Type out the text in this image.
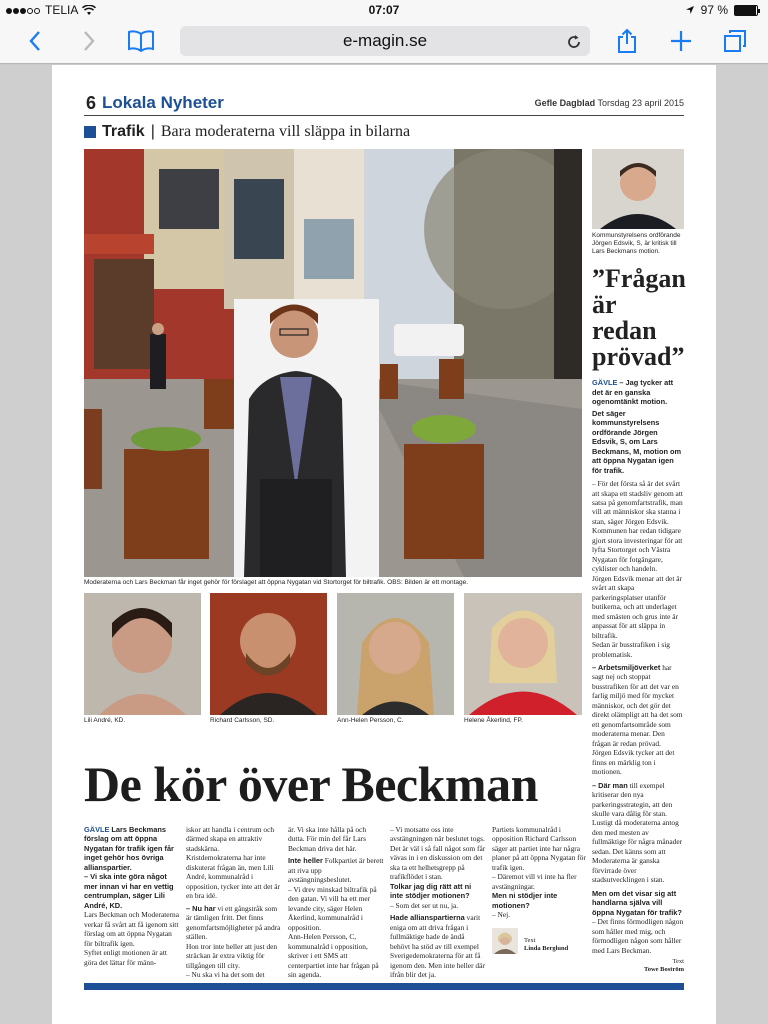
TELIA	07:07	97 %
e-magin.se
6 Lokala Nyheter	Gefle Dagblad Torsdag 23 april 2015
Trafik | Bara moderaterna vill släppa in bilarna
Moderaterna och Lars Beckman får inget gehör för förslaget att öppna Nygatan vid Stortorget för biltrafik. OBS: Bilden är ett montage.
Lili André, KD.	Richard Carlsson, SD.	Ann-Helen Persson, C.	Helene Åkerlind, FP.
Kommunstyrelsens ordförande Jörgen Edsvik, S, är kritisk till Lars Beckmans motion.
”Frågan är redan prövad”

GÄVLE – Jag tycker att det är en ganska ogenomtänkt motion.

Det säger kommunstyrelsens ordförande Jörgen Edsvik, S, om Lars Beckmans, M, motion om att öppna Nygatan igen för trafik.

– För det första så är det svårt att skapa ett stadsliv genom att satsa på genomfartstrafik, man vill att människor ska stanna i stan, säger Jörgen Edsvik.

Kommunen har redan tidigare gjort stora investeringar för att lyfta Stortorget och Västra Nygatan för fotgängare, cyklister och handeln.

Jörgen Edsvik menar att det är svårt att skapa parkeringsplatser utanför butikerna, och att underlaget med smästen och grus inte är anpassat för att släppa in biltrafik.

Sedan är busstrafiken i sig problematisk.

– Arbetsmiljöverket har sagt nej och stoppat busstrafiken för att det var en farlig miljö med för mycket människor, och det gör det direkt olämpligt att ha det som ett genomfartsområde som moderaterna menar. Den frågan är redan prövad.

Jörgen Edsvik tycker att det finns en märklig ton i motionen.

– Där man till exempel kritiserar den nya parkeringsstrategin, att den skulle vara dålig för stan. Lustigt då moderaterna antog den med mesten av fullmäktige för några månader sedan. Det känns som att Moderaterna är ganska förvirrade över stadsutvecklingen i stan.

Men om det visar sig att handlarna själva vill öppna Nygatan för trafik?

– Det finns förmodligen någon som håller med mig, och förmodligen någon som håller med Lars Beckman.

Text
Towe Boström
De kör över Beckman

GÄVLE Lars Beckmans förslag om att öppna Nygatan för trafik igen får inget gehör hos övriga allianspartier.

– Vi ska inte göra något mer innan vi har en vettig centrumplan, säger Lili André, KD.

Lars Beckman och Moderaterna verkar få svårt att få igenom sitt förslag om att öppna Nygatan för biltrafik igen.

Syftet enligt motionen är att göra det lättar för männ-

iskor att handla i centrum och därmed skapa en attraktiv stadskärna.

Kristdemokraterna har inte diskuterat frågan än, men Lili André, kommunalråd i opposition, tycker inte att det är en bra idé.

– Nu har vi ett gångstråk som är tämligen fritt. Det finns genomfartsmöjligheter på andra ställen.

Hon tror inte heller att just den sträckan är extra viktig för tillgången till city.

– Nu ska vi ha det som det

är. Vi ska inte hålla på och dutta. För min del får Lars Beckman driva det här.

Inte heller Folkpartiet är berett att riva upp avstängningsbeslutet.

– Vi drev minskad biltrafik på den gatan. Vi vill ha ett mer levande city, säger Helen Åkerlind, kommunalråd i opposition.

Ann-Helen Persson, C, kommunalråd i opposition, skriver i ett SMS att centerpartiet inte har frågan på sin agenda.

– Vi motsatte oss inte avstängningen när beslutet togs. Det är väl i så fall något som får vävas in i en diskussion om det ska ta ett helhetsgrepp på trafikflödet i stan.

Tolkar jag dig rätt att ni inte stödjer motionen?

– Som det ser ut nu, ja.

Hade allianspartierna varit eniga om att driva frågan i fullmäktige hade de ändå behövt ha stöd av till exempel Sverigedemokraterna för att få igenom den. Men inte heller där ifrån blir det ja.

Partiets kommunalråd i opposition Richard Carlsson säger att partiet inte har några planer på att öppna Nygatan för trafik igen.

– Däremot vill vi inte ha fler avstängningar.

Men ni stödjer inte motionen?

– Nej.

Text
Linda Berglund
